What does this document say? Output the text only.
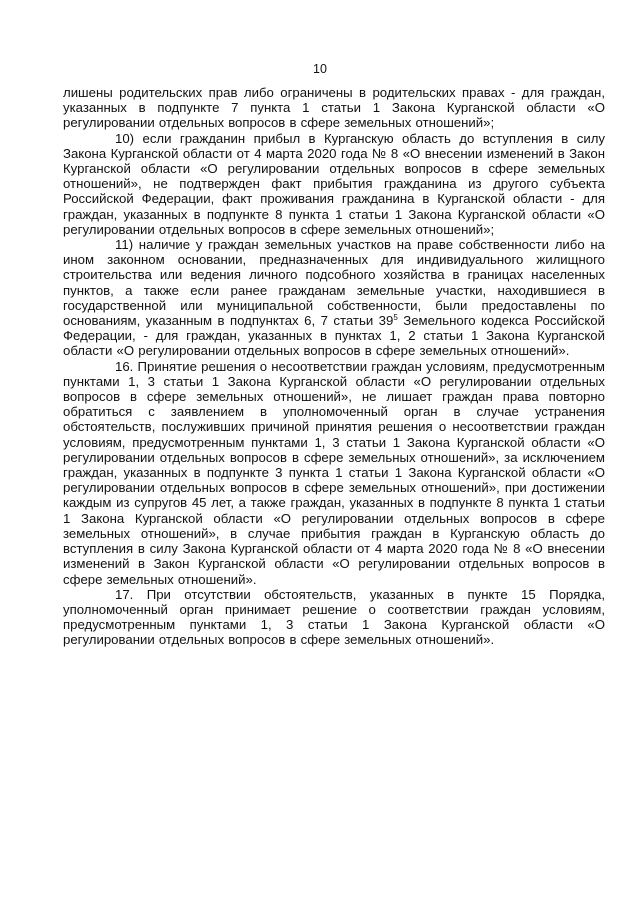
10

лишены родительских прав либо ограничены в родительских правах - для граждан, указанных в подпункте 7 пункта 1 статьи 1 Закона Курганской области «О регулировании отдельных вопросов в сфере земельных отношений»;

10) если гражданин прибыл в Курганскую область до вступления в силу Закона Курганской области от 4 марта 2020 года № 8 «О внесении изменений в Закон Курганской области «О регулировании отдельных вопросов в сфере земельных отношений», не подтвержден факт прибытия гражданина из другого субъекта Российской Федерации, факт проживания гражданина в Курганской области - для граждан, указанных в подпункте 8 пункта 1 статьи 1 Закона Курганской области «О регулировании отдельных вопросов в сфере земельных отношений»;

11) наличие у граждан земельных участков на праве собственности либо на ином законном основании, предназначенных для индивидуального жилищного строительства или ведения личного подсобного хозяйства в границах населенных пунктов, а также если ранее гражданам земельные участки, находившиеся в государственной или муниципальной собственности, были предоставлены по основаниям, указанным в подпунктах 6, 7 статьи $39^5$ Земельного кодекса Российской Федерации, - для граждан, указанных в пунктах 1, 2 статьи 1 Закона Курганской области «О регулировании отдельных вопросов в сфере земельных отношений».

16. Принятие решения о несоответствии граждан условиям, предусмотренным пунктами 1, 3 статьи 1 Закона Курганской области «О регулировании отдельных вопросов в сфере земельных отношений», не лишает граждан права повторно обратиться с заявлением в уполномоченный орган в случае устранения обстоятельств, послуживших причиной принятия решения о несоответствии граждан условиям, предусмотренным пунктами 1, 3 статьи 1 Закона Курганской области «О регулировании отдельных вопросов в сфере земельных отношений», за исключением граждан, указанных в подпункте 3 пункта 1 статьи 1 Закона Курганской области «О регулировании отдельных вопросов в сфере земельных отношений», при достижении каждым из супругов 45 лет, а также граждан, указанных в подпункте 8 пункта 1 статьи 1 Закона Курганской области «О регулировании отдельных вопросов в сфере земельных отношений», в случае прибытия граждан в Курганскую область до вступления в силу Закона Курганской области от 4 марта 2020 года № 8 «О внесении изменений в Закон Курганской области «О регулировании отдельных вопросов в сфере земельных отношений».

17. При отсутствии обстоятельств, указанных в пункте 15 Порядка, уполномоченный орган принимает решение о соответствии граждан условиям, предусмотренным пунктами 1, 3 статьи 1 Закона Курганской области «О регулировании отдельных вопросов в сфере земельных отношений».
